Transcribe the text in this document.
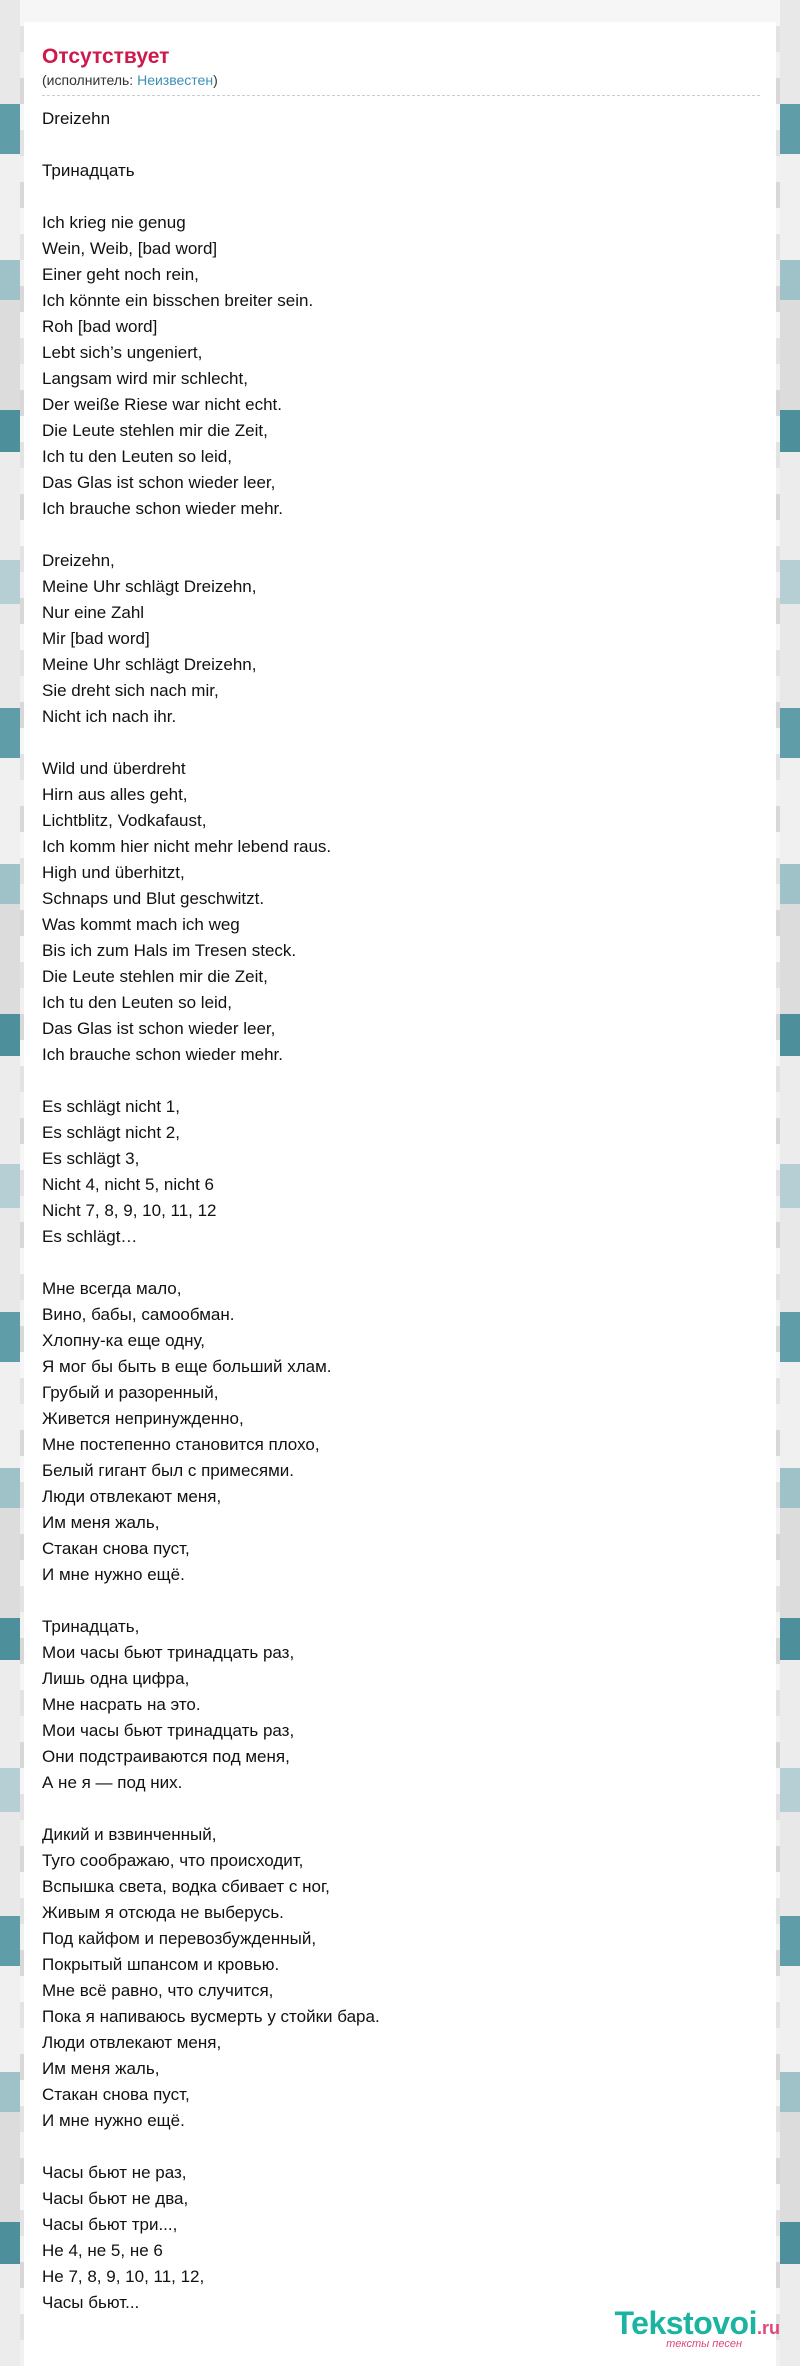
Отсутствует
(исполнитель: Неизвестен)
Dreizehn
Тринадцать
Ich krieg nie genug
Wein, Weib, [bad word]
Einer geht noch rein,
Ich könnte ein bisschen breiter sein.
Roh [bad word]
Lebt sich’s ungeniert,
Langsam wird mir schlecht,
Der weiße Riese war nicht echt.
Die Leute stehlen mir die Zeit,
Ich tu den Leuten so leid,
Das Glas ist schon wieder leer,
Ich brauche schon wieder mehr.
Dreizehn,
Meine Uhr schlägt Dreizehn,
Nur eine Zahl
Mir [bad word]
Meine Uhr schlägt Dreizehn,
Sie dreht sich nach mir,
Nicht ich nach ihr.
Wild und überdreht
Hirn aus alles geht,
Lichtblitz, Vodkafaust,
Ich komm hier nicht mehr lebend raus.
High und überhitzt,
Schnaps und Blut geschwitzt.
Was kommt mach ich weg
Bis ich zum Hals im Tresen steck.
Die Leute stehlen mir die Zeit,
Ich tu den Leuten so leid,
Das Glas ist schon wieder leer,
Ich brauche schon wieder mehr.
Es schlägt nicht 1,
Es schlägt nicht 2,
Es schlägt 3,
Nicht 4, nicht 5, nicht 6
Nicht 7, 8, 9, 10, 11, 12
Es schlägt…
Мне всегда мало,
Вино, бабы, самообман.
Хлопну-ка еще одну,
Я мог бы быть в еще больший хлам.
Грубый и разоренный,
Живется непринужденно,
Мне постепенно становится плохо,
Белый гигант был с примесями.
Люди отвлекают меня,
Им меня жаль,
Стакан снова пуст,
И мне нужно ещё.
Тринадцать,
Мои часы бьют тринадцать раз,
Лишь одна цифра,
Мне насрать на это.
Мои часы бьют тринадцать раз,
Они подстраиваются под меня,
А не я — под них.
Дикий и взвинченный,
Туго соображаю, что происходит,
Вспышка света, водка сбивает с ног,
Живым я отсюда не выберусь.
Под кайфом и перевозбужденный,
Покрытый шпансом и кровью.
Мне всё равно, что случится,
Пока я напиваюсь вусмерть у стойки бара.
Люди отвлекают меня,
Им меня жаль,
Стакан снова пуст,
И мне нужно ещё.
Часы бьют не раз,
Часы бьют не два,
Часы бьют три...,
Не 4, не 5, не 6
Не 7, 8, 9, 10, 11, 12,
Часы бьют...
Tekstovoi.ru
тексты песен
